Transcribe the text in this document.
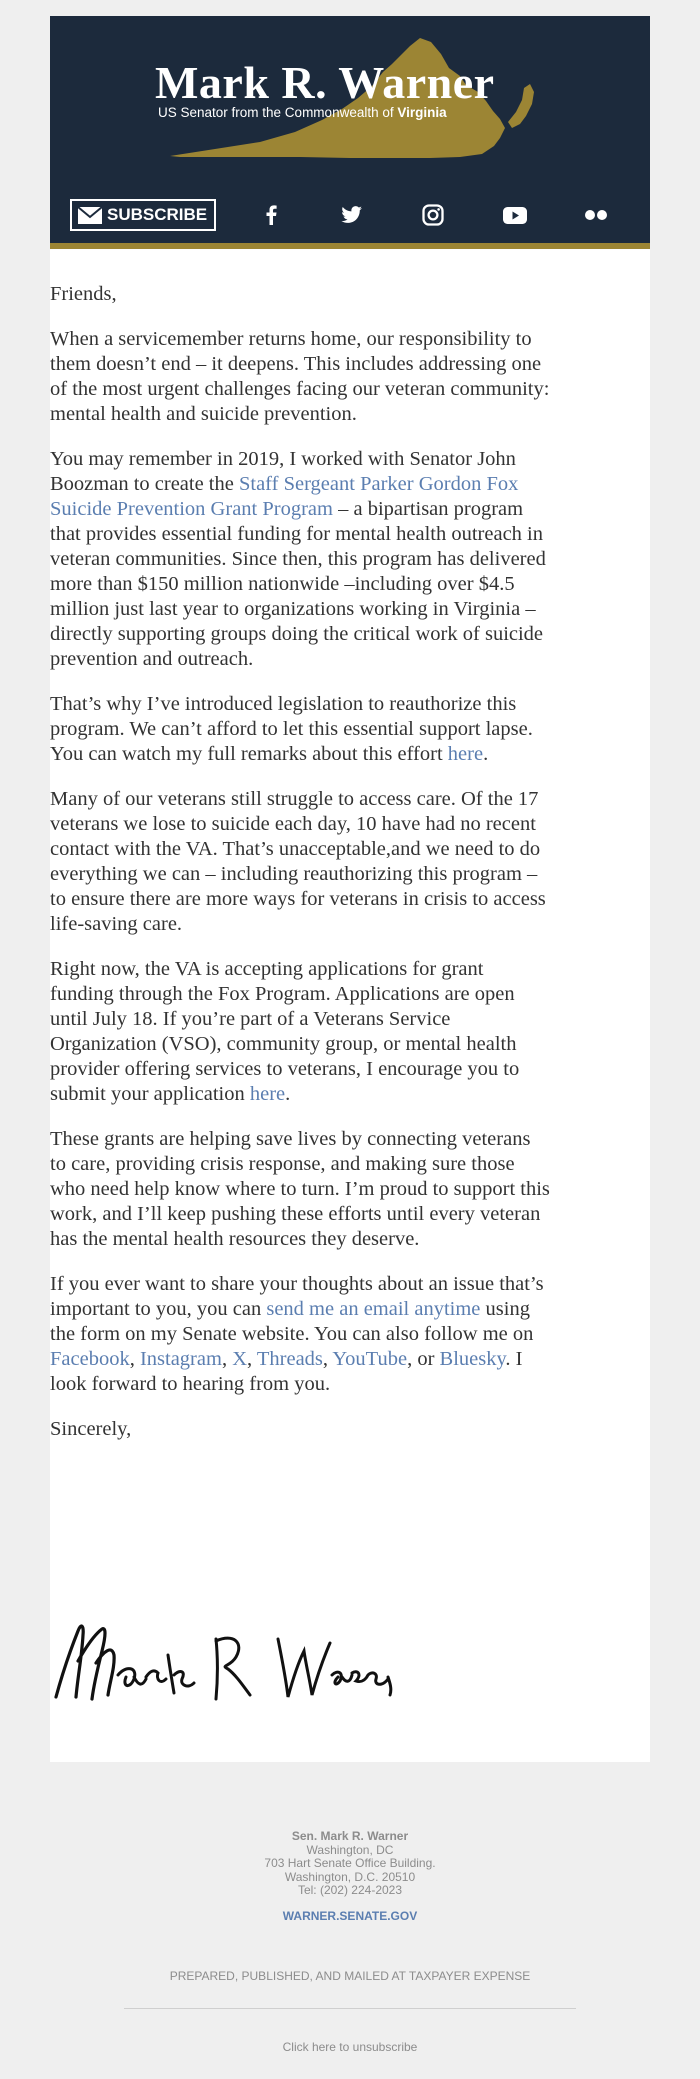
Mark R. Warner
US Senator from the Commonwealth of Virginia
SUBSCRIBE

Friends,

When a servicemember returns home, our responsibility to them doesn’t end – it deepens. This includes addressing one of the most urgent challenges facing our veteran community: mental health and suicide prevention.

You may remember in 2019, I worked with Senator John Boozman to create the Staff Sergeant Parker Gordon Fox Suicide Prevention Grant Program – a bipartisan program that provides essential funding for mental health outreach in veteran communities. Since then, this program has delivered more than $150 million nationwide –including over $4.5 million just last year to organizations working in Virginia – directly supporting groups doing the critical work of suicide prevention and outreach.

That’s why I’ve introduced legislation to reauthorize this program. We can’t afford to let this essential support lapse. You can watch my full remarks about this effort here.

Many of our veterans still struggle to access care. Of the 17 veterans we lose to suicide each day, 10 have had no recent contact with the VA. That’s unacceptable,and we need to do everything we can – including reauthorizing this program – to ensure there are more ways for veterans in crisis to access life-saving care.

Right now, the VA is accepting applications for grant funding through the Fox Program. Applications are open until July 18. If you’re part of a Veterans Service Organization (VSO), community group, or mental health provider offering services to veterans, I encourage you to submit your application here.

These grants are helping save lives by connecting veterans to care, providing crisis response, and making sure those who need help know where to turn. I’m proud to support this work, and I’ll keep pushing these efforts until every veteran has the mental health resources they deserve.

If you ever want to share your thoughts about an issue that’s important to you, you can send me an email anytime using the form on my Senate website. You can also follow me on Facebook, Instagram, X, Threads, YouTube, or Bluesky. I look forward to hearing from you.

Sincerely,

Sen. Mark R. Warner
Washington, DC
703 Hart Senate Office Building.
Washington, D.C. 20510
Tel: (202) 224-2023
WARNER.SENATE.GOV
PREPARED, PUBLISHED, AND MAILED AT TAXPAYER EXPENSE
Click here to unsubscribe
